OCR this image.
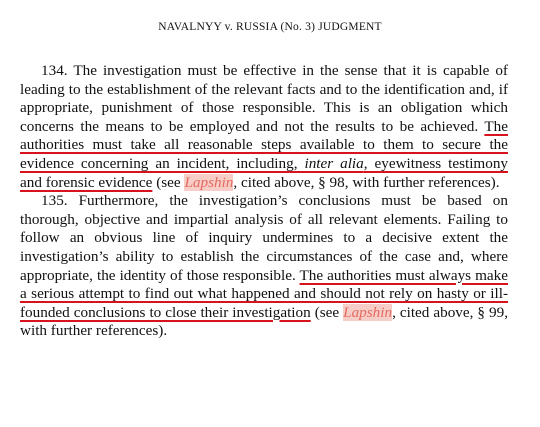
NAVALNYY v. RUSSIA (No. 3) JUDGMENT

134. The investigation must be effective in the sense that it is capable of leading to the establishment of the relevant facts and to the identification and, if appropriate, punishment of those responsible. This is an obligation which concerns the means to be employed and not the results to be achieved. The authorities must take all reasonable steps available to them to secure the evidence concerning an incident, including, inter alia, eyewitness testimony and forensic evidence (see Lapshin, cited above, § 98, with further references).

135. Furthermore, the investigation’s conclusions must be based on thorough, objective and impartial analysis of all relevant elements. Failing to follow an obvious line of inquiry undermines to a decisive extent the investigation’s ability to establish the circumstances of the case and, where appropriate, the identity of those responsible. The authorities must always make a serious attempt to find out what happened and should not rely on hasty or ill-founded conclusions to close their investigation (see Lapshin, cited above, § 99, with further references).
